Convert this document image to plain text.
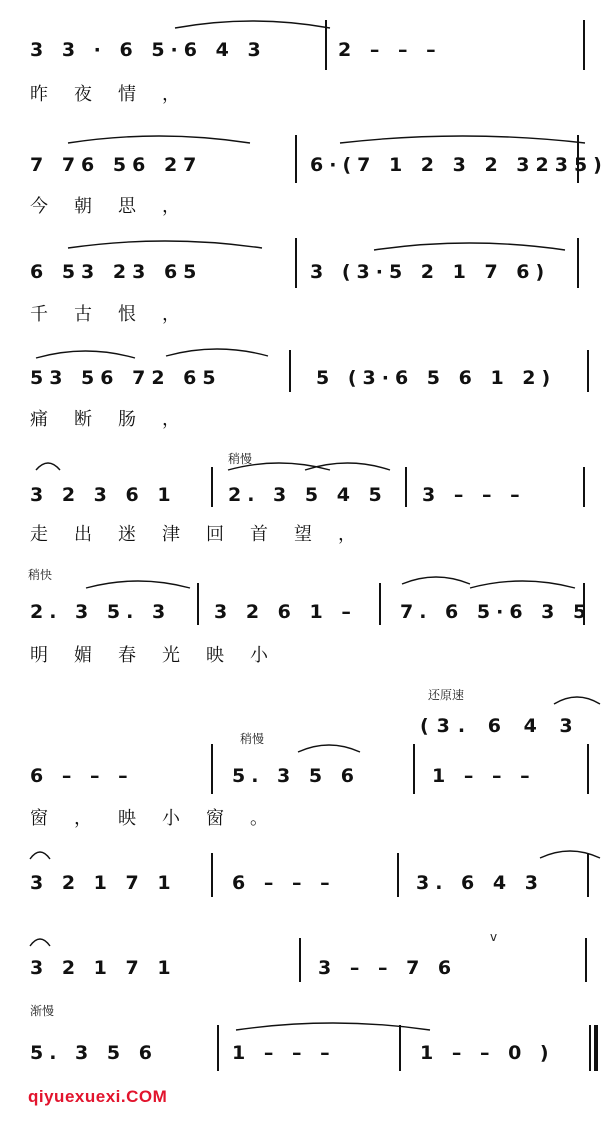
3 3 · 6 5·6 4 3	2 – – –
昨夜情，
7 76 56 27	6·(7 1 2 3 2 3235)
今朝思，
6 53 23 65	3 (3·5 2 1 7 6)
千古恨，
53 56 72 65	5 (3·6 5 6 1 2)
痛断肠，
3 2 3 6 1	2. 3 5 4 5 3 – – –
走出迷津回首望，
2. 3 5. 3 3 2 6 1 – 7. 6 5·6 3 5
明媚春光映小
6 – – –	5. 3 5 6	1 – – –
窗，映小窗。
3 2 1 7 1	6 – – –	3. 6 4 3
3 2 1 7 1	3 – – 7 6
5. 3 5 6	1 – – –	1 – – 0 )
稍慢
稍快
还原速
稍慢
渐慢
(3. 6 4 3
v
qiyuexuexi.COM
